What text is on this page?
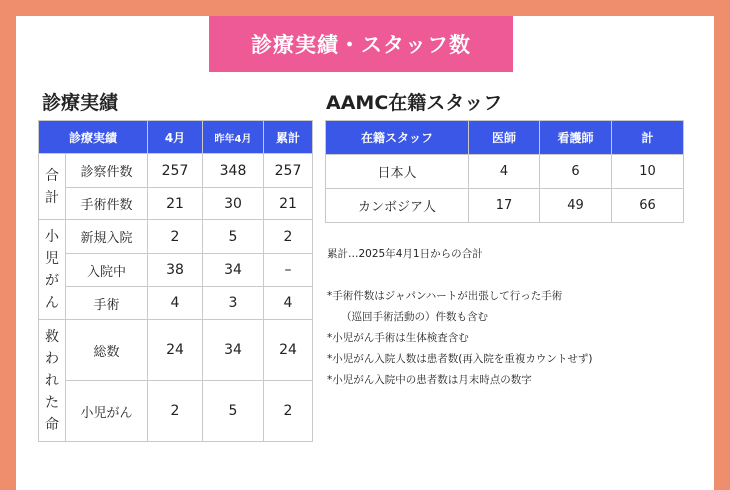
診療実績・スタッフ数
診療実績	AAMC在籍スタッフ
診療実績		4月	昨年4月	累計

合
計	診察件数	257	348	257
	手術件数	21	30	21

小
児
が
ん	新規入院	2	5	2
	入院中	38	34	–
	手術	4	3	4

救
わ
れ
た
命	総数	24	34	24
	小児がん	2	5	2
在籍スタッフ	医師	看護師	計
日本人	4	6	10
カンボジア人	17	49	66
累計…2025年4月1日からの合計
*手術件数はジャパンハートが出張して行った手術
（巡回手術活動の）件数も含む
*小児がん手術は生体検査含む
*小児がん入院人数は患者数(再入院を重複カウントせず)
*小児がん入院中の患者数は月末時点の数字
